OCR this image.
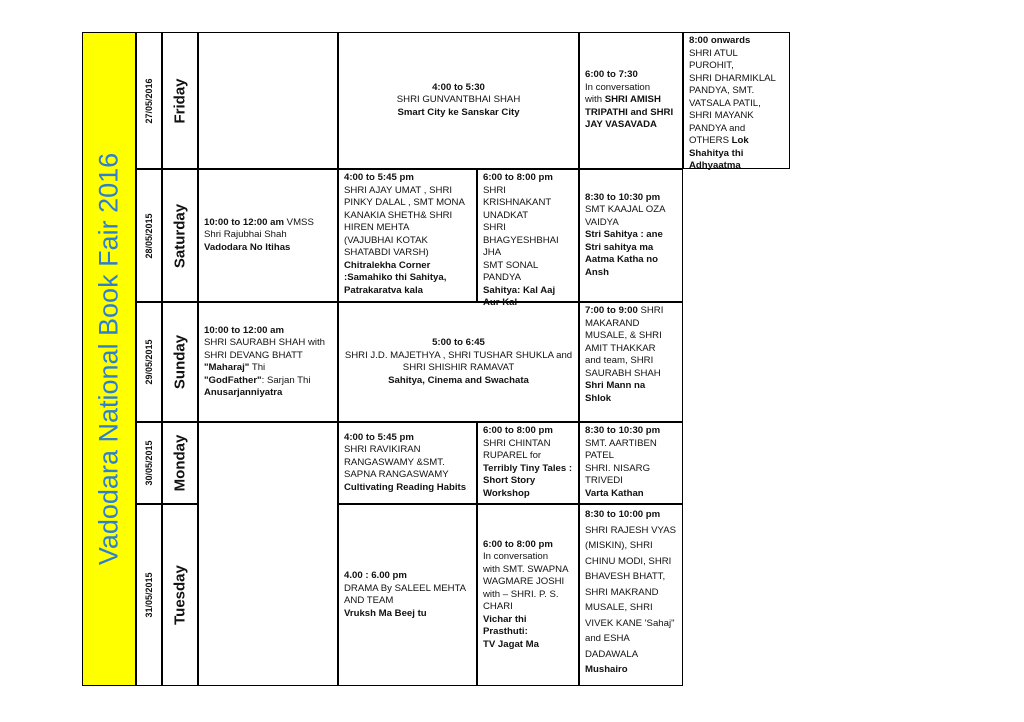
Vadodara National Book Fair 2016
27/05/2016
28/05/2015
29/05/2015
30/05/2015
31/05/2015
Friday
Saturday
Sunday
Monday
Tuesday
4:00 to 5:30
SHRI GUNVANTBHAI SHAH
Smart City ke Sanskar City
6:00 to 7:30
In conversation
with SHRI AMISH
TRIPATHI and SHRI
JAY VASAVADA
8:00 onwards
SHRI ATUL PUROHIT,
SHRI DHARMIKLAL
PANDYA, SMT.
VATSALA PATIL,
SHRI MAYANK
PANDYA and
OTHERS Lok
Shahitya thi
Adhyaatma
10:00 to 12:00 am VMSS
Shri Rajubhai Shah
Vadodara No Itihas
4:00 to 5:45 pm
SHRI AJAY UMAT , SHRI
PINKY DALAL , SMT MONA
KANAKIA SHETH& SHRI
HIREN MEHTA
(VAJUBHAI KOTAK
SHATABDI VARSH)
Chitralekha Corner
:Samahiko thi Sahitya,
Patrakaratva kala
6:00 to 8:00 pm
SHRI KRISHNAKANT
UNADKAT
SHRI
BHAGYESHBHAI
JHA
SMT SONAL
PANDYA
Sahitya: Kal Aaj
Aur Kal
8:30 to 10:30 pm
SMT KAAJAL OZA
VAIDYA
Stri Sahitya : ane
Stri sahitya ma
Aatma Katha no
Ansh
10:00 to 12:00 am
SHRI SAURABH SHAH with
SHRI DEVANG BHATT
"Maharaj" Thi
"GodFather": Sarjan Thi
Anusarjanniyatra
5:00 to 6:45
SHRI J.D. MAJETHYA , SHRI TUSHAR SHUKLA and
SHRI SHISHIR RAMAVAT
Sahitya, Cinema and Swachata
7:00 to 9:00 SHRI
MAKARAND
MUSALE, & SHRI
AMIT THAKKAR
and team, SHRI
SAURABH SHAH
Shri Mann na
Shlok
4:00 to 5:45 pm
SHRI RAVIKIRAN
RANGASWAMY &SMT.
SAPNA RANGASWAMY
Cultivating Reading Habits
6:00 to 8:00 pm
SHRI CHINTAN
RUPAREL for
Terribly Tiny Tales :
Short Story
Workshop
8:30 to 10:30 pm
SMT. AARTIBEN
PATEL
SHRI. NISARG
TRIVEDI
Varta Kathan
4.00 : 6.00 pm
DRAMA By SALEEL MEHTA
AND TEAM
Vruksh Ma Beej tu
6:00 to 8:00 pm
In conversation
with SMT. SWAPNA
WAGMARE JOSHI
with – SHRI. P. S.
CHARI
Vichar thi
Prasthuti:
TV Jagat Ma
8:30 to 10:00 pm
SHRI RAJESH VYAS
(MISKIN), SHRI
CHINU MODI, SHRI
BHAVESH BHATT,
SHRI MAKRAND
MUSALE, SHRI
VIVEK KANE 'Sahaj"
and ESHA
DADAWALA
Mushairo
